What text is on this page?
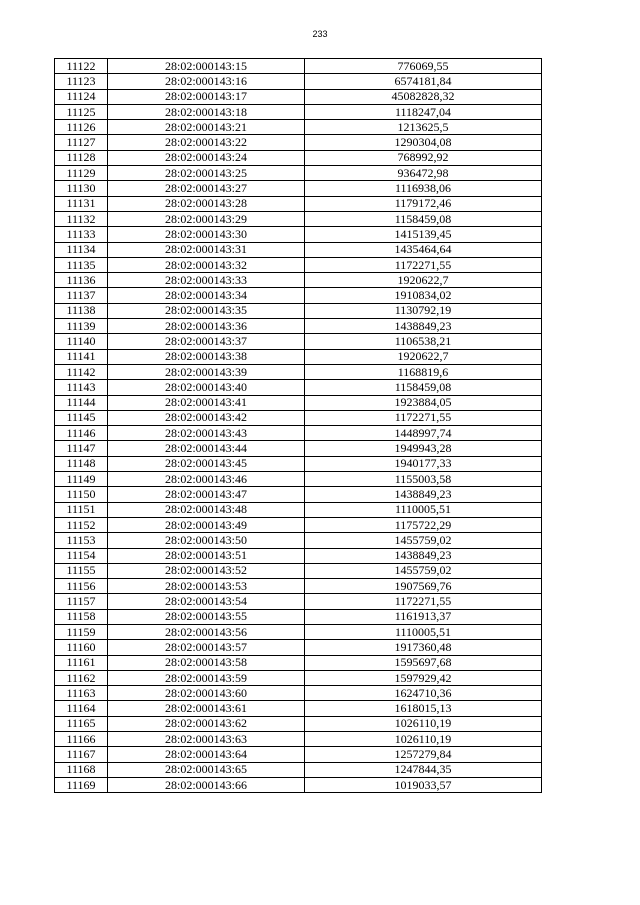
233
11122	28:02:000143:15	776069,55
11123	28:02:000143:16	6574181,84
11124	28:02:000143:17	45082828,32
11125	28:02:000143:18	1118247,04
11126	28:02:000143:21	1213625,5
11127	28:02:000143:22	1290304,08
11128	28:02:000143:24	768992,92
11129	28:02:000143:25	936472,98
11130	28:02:000143:27	1116938,06
11131	28:02:000143:28	1179172,46
11132	28:02:000143:29	1158459,08
11133	28:02:000143:30	1415139,45
11134	28:02:000143:31	1435464,64
11135	28:02:000143:32	1172271,55
11136	28:02:000143:33	1920622,7
11137	28:02:000143:34	1910834,02
11138	28:02:000143:35	1130792,19
11139	28:02:000143:36	1438849,23
11140	28:02:000143:37	1106538,21
11141	28:02:000143:38	1920622,7
11142	28:02:000143:39	1168819,6
11143	28:02:000143:40	1158459,08
11144	28:02:000143:41	1923884,05
11145	28:02:000143:42	1172271,55
11146	28:02:000143:43	1448997,74
11147	28:02:000143:44	1949943,28
11148	28:02:000143:45	1940177,33
11149	28:02:000143:46	1155003,58
11150	28:02:000143:47	1438849,23
11151	28:02:000143:48	1110005,51
11152	28:02:000143:49	1175722,29
11153	28:02:000143:50	1455759,02
11154	28:02:000143:51	1438849,23
11155	28:02:000143:52	1455759,02
11156	28:02:000143:53	1907569,76
11157	28:02:000143:54	1172271,55
11158	28:02:000143:55	1161913,37
11159	28:02:000143:56	1110005,51
11160	28:02:000143:57	1917360,48
11161	28:02:000143:58	1595697,68
11162	28:02:000143:59	1597929,42
11163	28:02:000143:60	1624710,36
11164	28:02:000143:61	1618015,13
11165	28:02:000143:62	1026110,19
11166	28:02:000143:63	1026110,19
11167	28:02:000143:64	1257279,84
11168	28:02:000143:65	1247844,35
11169	28:02:000143:66	1019033,57
